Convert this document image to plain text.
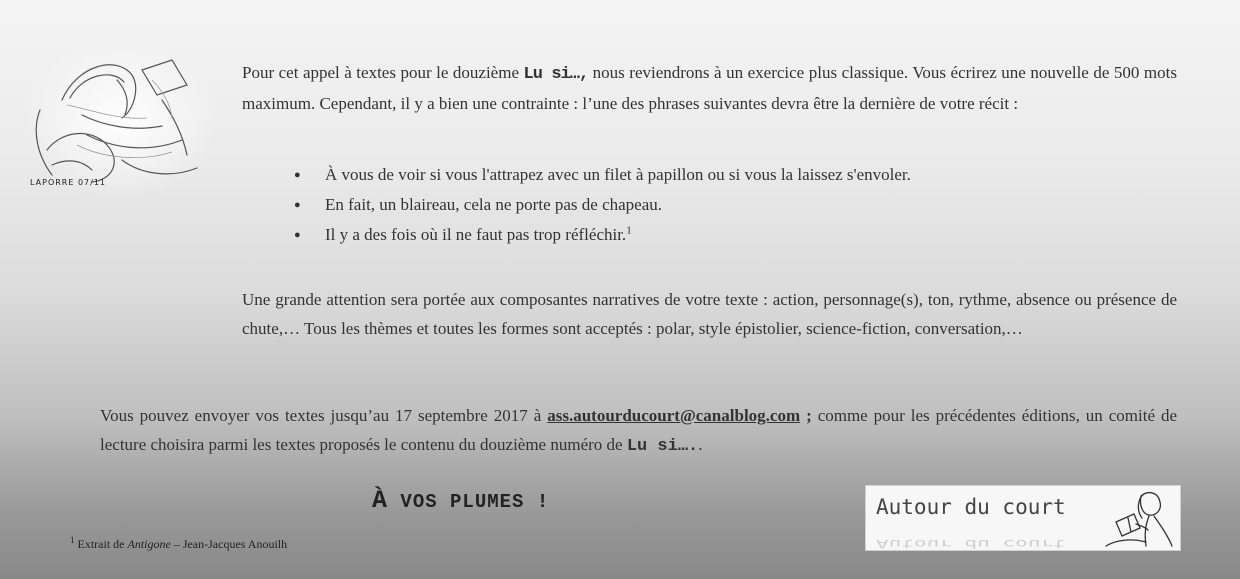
LAPORRE 07/11

Pour cet appel à textes pour le douzième Lu si…, nous reviendrons à un exercice plus classique. Vous écrirez une nouvelle de 500 mots maximum. Cependant, il y a bien une contrainte : l’une des phrases suivantes devra être la dernière de votre récit :

● À vous de voir si vous l'attrapez avec un filet à papillon ou si vous la laissez s'envoler.
● En fait, un blaireau, cela ne porte pas de chapeau.
● Il y a des fois où il ne faut pas trop réfléchir.$^1$

Une grande attention sera portée aux composantes narratives de votre texte : action, personnage(s), ton, rythme, absence ou présence de chute,… Tous les thèmes et toutes les formes sont acceptés : polar, style épistolier, science-fiction, conversation,…

Vous pouvez envoyer vos textes jusqu’au 17 septembre 2017 à ass.autourducourt@canalblog.com ; comme pour les précédentes éditions, un comité de lecture choisira parmi les textes proposés le contenu du douzième numéro de Lu si…..

À VOS PLUMES !
$^1$ Extrait de Antigone – Jean-Jacques Anouilh
Autour du court
Autour du court
